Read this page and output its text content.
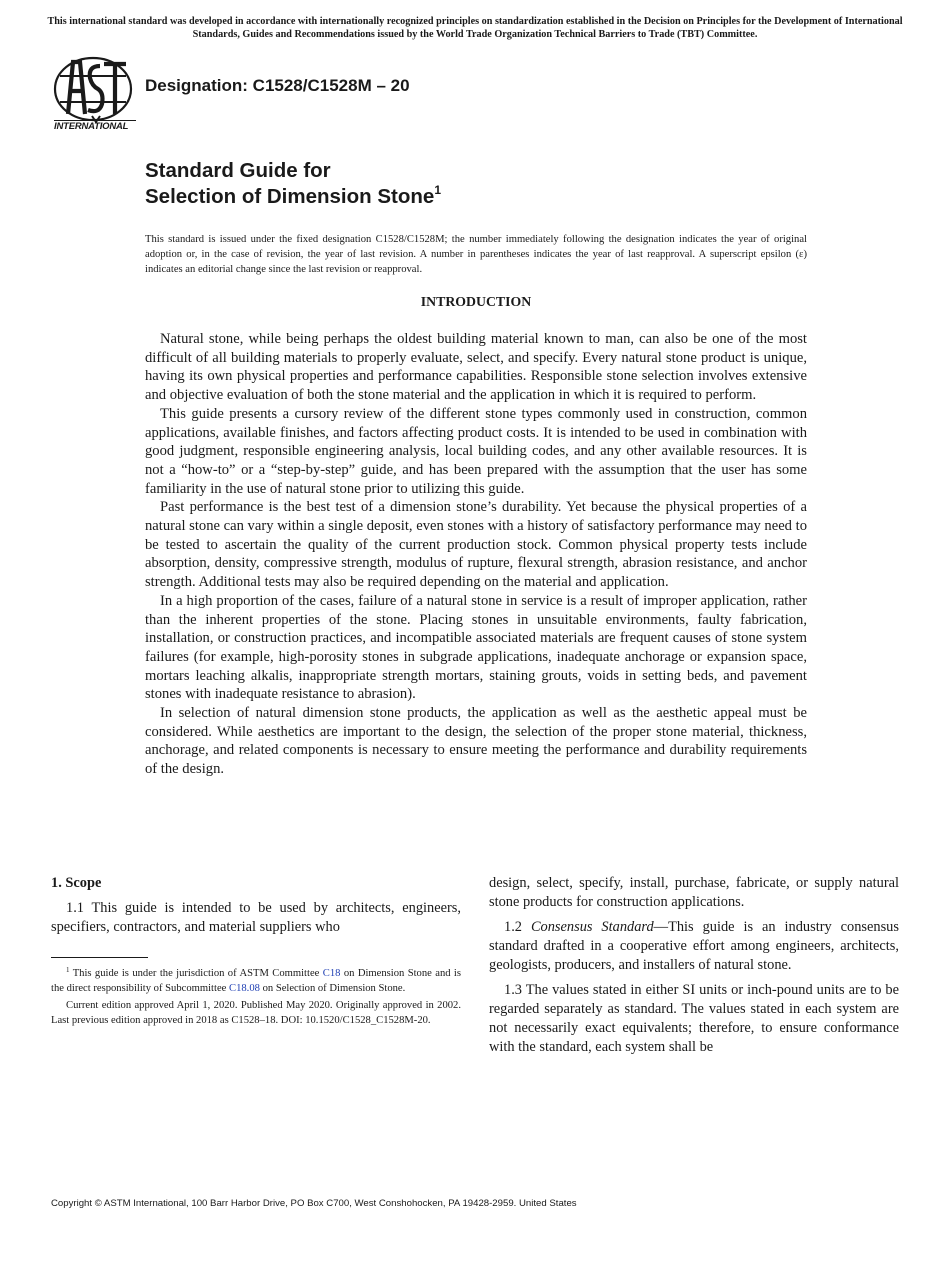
This international standard was developed in accordance with internationally recognized principles on standardization established in the Decision on Principles for the Development of International Standards, Guides and Recommendations issued by the World Trade Organization Technical Barriers to Trade (TBT) Committee.
INTERNATIONAL
Designation: C1528/C1528M – 20
Standard Guide for
Selection of Dimension Stone$^1$
This standard is issued under the fixed designation C1528/C1528M; the number immediately following the designation indicates the year of original adoption or, in the case of revision, the year of last revision. A number in parentheses indicates the year of last reapproval. A superscript epsilon (ε) indicates an editorial change since the last revision or reapproval.
INTRODUCTION

Natural stone, while being perhaps the oldest building material known to man, can also be one of the most difficult of all building materials to properly evaluate, select, and specify. Every natural stone product is unique, having its own physical properties and performance capabilities. Responsible stone selection involves extensive and objective evaluation of both the stone material and the application in which it is required to perform.

This guide presents a cursory review of the different stone types commonly used in construction, common applications, available finishes, and factors affecting product costs. It is intended to be used in combination with good judgment, responsible engineering analysis, local building codes, and any other available resources. It is not a “how-to” or a “step-by-step” guide, and has been prepared with the assumption that the user has some familiarity in the use of natural stone prior to utilizing this guide.

Past performance is the best test of a dimension stone’s durability. Yet because the physical properties of a natural stone can vary within a single deposit, even stones with a history of satisfactory performance may need to be tested to ascertain the quality of the current production stock. Common physical property tests include absorption, density, compressive strength, modulus of rupture, flexural strength, abrasion resistance, and anchor strength. Additional tests may also be required depending on the material and application.

In a high proportion of the cases, failure of a natural stone in service is a result of improper application, rather than the inherent properties of the stone. Placing stones in unsuitable environments, faulty fabrication, installation, or construction practices, and incompatible associated materials are frequent causes of stone system failures (for example, high-porosity stones in subgrade applications, inadequate anchorage or expansion space, mortars leaching alkalis, inappropriate strength mortars, staining grouts, voids in setting beds, and pavement stones with inadequate resistance to abrasion).

In selection of natural dimension stone products, the application as well as the aesthetic appeal must be considered. While aesthetics are important to the design, the selection of the proper stone material, thickness, anchorage, and related components is necessary to ensure meeting the performance and durability requirements of the design.

1. Scope

1.1 This guide is intended to be used by architects, engineers, specifiers, contractors, and material suppliers who

$^1$ This guide is under the jurisdiction of ASTM Committee C18 on Dimension Stone and is the direct responsibility of Subcommittee C18.08 on Selection of Dimension Stone.

Current edition approved April 1, 2020. Published May 2020. Originally approved in 2002. Last previous edition approved in 2018 as C1528–18. DOI: 10.1520/C1528_C1528M-20.

design, select, specify, install, purchase, fabricate, or supply natural stone products for construction applications.

1.2 Consensus Standard—This guide is an industry consensus standard drafted in a cooperative effort among engineers, architects, geologists, producers, and installers of natural stone.

1.3 The values stated in either SI units or inch-pound units are to be regarded separately as standard. The values stated in each system are not necessarily exact equivalents; therefore, to ensure conformance with the standard, each system shall be

Copyright © ASTM International, 100 Barr Harbor Drive, PO Box C700, West Conshohocken, PA 19428-2959. United States
